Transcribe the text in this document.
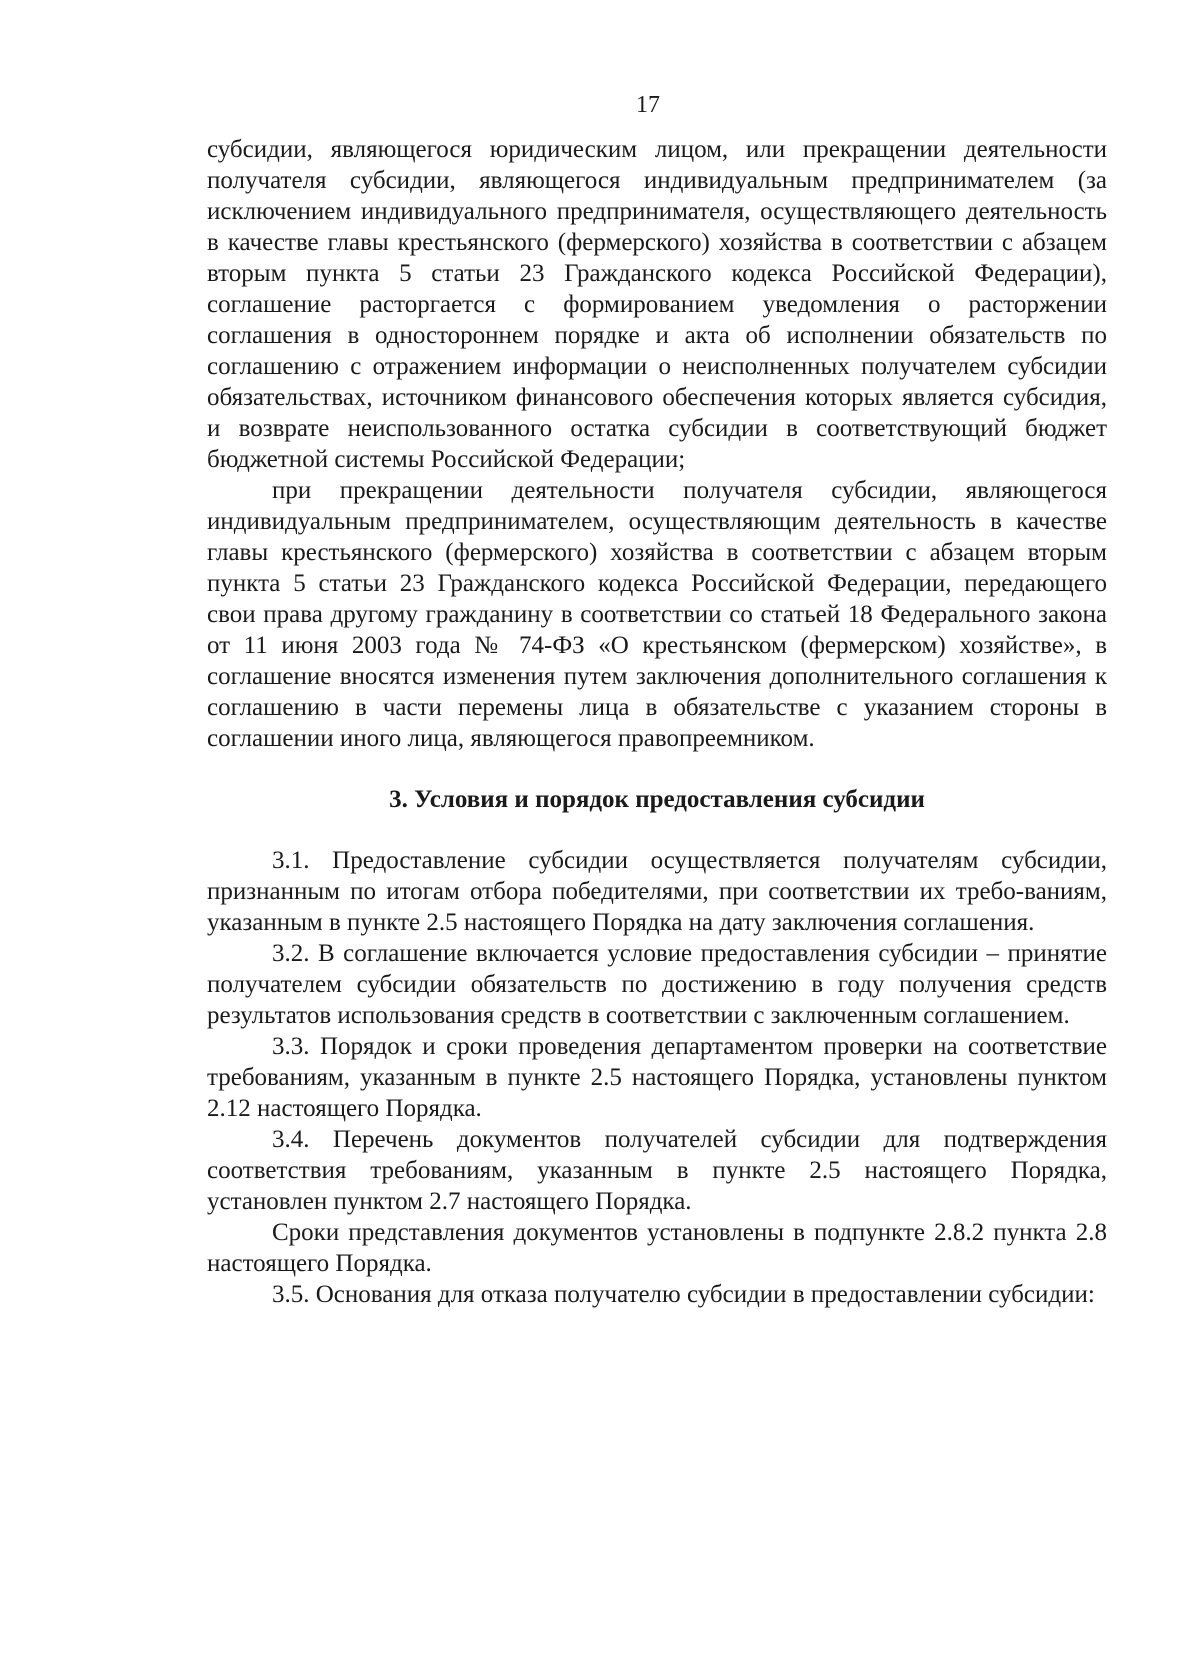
17

субсидии, являющегося юридическим лицом, или прекращении деятельности получателя субсидии, являющегося индивидуальным предпринимателем (за исключением индивидуального предпринимателя, осуществляющего деятельность в качестве главы крестьянского (фермерского) хозяйства в соответствии с абзацем вторым пункта 5 статьи 23 Гражданского кодекса Российской Федерации), соглашение расторгается с формированием уведомления о расторжении соглашения в одностороннем порядке и акта об исполнении обязательств по соглашению с отражением информации о неисполненных получателем субсидии обязательствах, источником финансового обеспечения которых является субсидия, и возврате неиспользованного остатка субсидии в соответствующий бюджет бюджетной системы Российской Федерации;

при прекращении деятельности получателя субсидии, являющегося индивидуальным предпринимателем, осуществляющим деятельность в качестве главы крестьянского (фермерского) хозяйства в соответствии с абзацем вторым пункта 5 статьи 23 Гражданского кодекса Российской Федерации, передающего свои права другому гражданину в соответствии со статьей 18 Федерального закона от 11 июня 2003 года № 74-ФЗ «О крестьянском (фермерском) хозяйстве», в соглашение вносятся изменения путем заключения дополнительного соглашения к соглашению в части перемены лица в обязательстве с указанием стороны в соглашении иного лица, являющегося правопреемником.

3. Условия и порядок предоставления субсидии

3.1. Предоставление субсидии осуществляется получателям субсидии, признанным по итогам отбора победителями, при соответствии их требо-ваниям, указанным в пункте 2.5 настоящего Порядка на дату заключения соглашения.

3.2. В соглашение включается условие предоставления субсидии – принятие получателем субсидии обязательств по достижению в году получения средств результатов использования средств в соответствии с заключенным соглашением.

3.3. Порядок и сроки проведения департаментом проверки на соответствие требованиям, указанным в пункте 2.5 настоящего Порядка, установлены пунктом 2.12 настоящего Порядка.

3.4. Перечень документов получателей субсидии для подтверждения соответствия требованиям, указанным в пункте 2.5 настоящего Порядка, установлен пунктом 2.7 настоящего Порядка.

Сроки представления документов установлены в подпункте 2.8.2 пункта 2.8 настоящего Порядка.

3.5. Основания для отказа получателю субсидии в предоставлении субсидии:
